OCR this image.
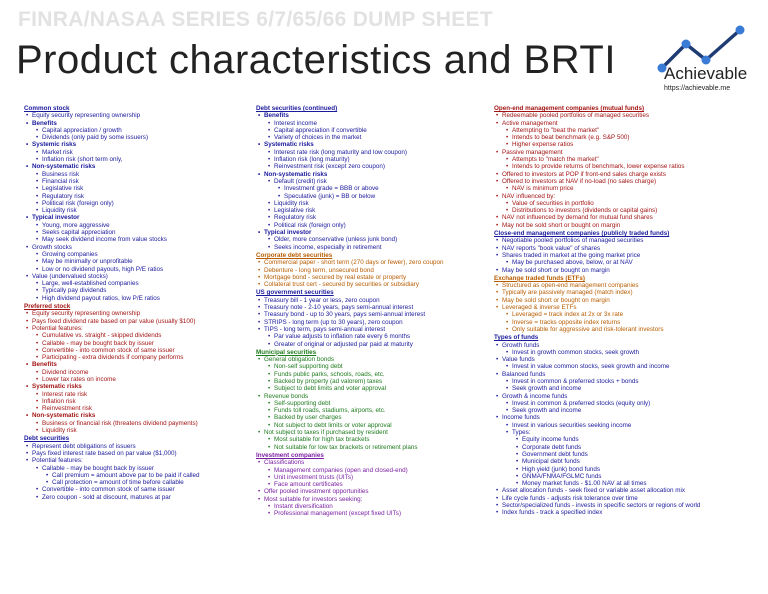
FINRA/NASAA SERIES 6/7/65/66 DUMP SHEET
Product characteristics and BRTI	Achievable
https://achievable.me
Common stock
• Equity security representing ownership
• Benefits
• Capital appreciation / growth
• Dividends (only paid by some issuers)
• Systemic risks
• Market risk
• Inflation risk (short term only,
• Non-systematic risks
• Business risk
• Financial risk
• Legislative risk
• Regulatory risk
• Political risk (foreign only)
• Liquidity risk
• Typical investor
• Young, more aggressive
• Seeks capital appreciation
• May seek dividend income from value stocks
• Growth stocks
• Growing companies
• May be minimally or unprofitable
• Low or no dividend payouts, high P/E ratios
• Value (undervalued stocks)
• Large, well-established companies
• Typically pay dividends
• High dividend payout ratios, low P/E ratios
Preferred stock
• Equity security representing ownership
• Pays fixed dividend rate based on par value (usually $100)
• Potential features:
• Cumulative vs. straight - skipped dividends
• Callable - may be bought back by issuer
• Convertible - into common stock of same issuer
• Participating - extra dividends if company performs
• Benefits
• Dividend income
• Lower tax rates on income
• Systematic risks
• Interest rate risk
• Inflation risk
• Reinvestment risk
• Non-systematic risks
• Business or financial risk (threatens dividend payments)
• Liquidity risk
Debt securities
• Represent debt obligations of issuers
• Pays fixed interest rate based on par value ($1,000)
• Potential features:
• Callable - may be bought back by issuer
• Call premium = amount above par to be paid if called
• Call protection = amount of time before callable
• Convertible - into common stock of same issuer
• Zero coupon - sold at discount, matures at par
Debt securities (continued)
• Benefits
• Interest income
• Capital appreciation if convertible
• Variety of choices in the market
• Systematic risks
• Interest rate risk (long maturity and low coupon)
• Inflation risk (long maturity)
• Reinvestment risk (except zero coupon)
• Non-systematic risks
• Default (credit) risk
• Investment grade = BBB or above
• Speculative (junk) = BB or below
• Liquidity risk
• Legislative risk
• Regulatory risk
• Political risk (foreign only)
• Typical investor
• Older, more conservative (unless junk bond)
• Seeks income, especially in retirement
Corporate debt securities
• Commercial paper - short term (270 days or fewer), zero coupon
• Debenture - long term, unsecured bond
• Mortgage bond - secured by real estate or property
• Collateral trust cert - secured by securities or subsidiary
US government securities
• Treasury bill - 1 year or less, zero coupon
• Treasury note - 2-10 years, pays semi-annual interest
• Treasury bond - up to 30 years, pays semi-annual interest
• STRIPS - long term (up to 30 years), zero coupon
• TIPS - long term, pays semi-annual interest
• Par value adjusts to inflation rate every 6 months
• Greater of original or adjusted par paid at maturity
Municipal securities
• General obligation bonds
• Non-self supporting debt
• Funds public parks, schools, roads, etc.
• Backed by property (ad valorem) taxes
• Subject to debt limits and voter approval
• Revenue bonds
• Self-supporting debt
• Funds toll roads, stadiums, airports, etc.
• Backed by user charges
• Not subject to debt limits or voter approval
• Not subject to taxes if purchased by resident
• Most suitable for high tax brackets
• Not suitable for low tax brackets or retirement plans
Investment companies
• Classifications
• Management companies (open and closed-end)
• Unit investment trusts (UITs)
• Face amount certificates
• Offer pooled investment opportunities
• Most suitable for investors seeking:
• Instant diversification
• Professional management (except fixed UITs)
Open-end management companies (mutual funds)
• Redeemable pooled portfolios of managed securities
• Active management
• Attempting to "beat the market"
• Intends to beat benchmark (e.g. S&P 500)
• Higher expense ratios
• Passive management
• Attempts to "match the market"
• Intends to provide returns of benchmark, lower expense ratios
• Offered to investors at POP if front-end sales charge exists
• Offered to investors at NAV if no-load (no sales charge)
• NAV is minimum price
• NAV influenced by:
• Value of securities in portfolio
• Distributions to investors (dividends or capital gains)
• NAV not influenced by demand for mutual fund shares
• May not be sold short or bought on margin
Close-end management companies (publicly traded funds)
• Negotiable pooled portfolios of managed securities
• NAV reports "book value" of shares
• Shares traded in market at the going market price
• May be purchased above, below, or at NAV
• May be sold short or bought on margin
Exchange traded funds (ETFs)
• Structured as open-end management companies
• Typically are passively managed (match index)
• May be sold short or bought on margin
• Leveraged & inverse ETFs
• Leveraged = track index at 2x or 3x rate
• Inverse = tracks opposite index returns
• Only suitable for aggressive and risk-tolerant investors
Types of funds
• Growth funds
• Invest in growth common stocks, seek growth
• Value funds
• Invest in value common stocks, seek growth and income
• Balanced funds
• Invest in common & preferred stocks + bonds
• Seek growth and income
• Growth & income funds
• Invest in common & preferred stocks (equity only)
• Seek growth and income
• Income funds
• Invest in various securities seeking income
• Types:
• Equity income funds
• Corporate debt funds
• Government debt funds
• Municipal debt funds
• High yield (junk) bond funds
• GNMA/FNMA/FGLMC funds
• Money market funds - $1.00 NAV at all times
• Asset allocation funds - seek fixed or variable asset allocation mix
• Life cycle funds - adjusts risk tolerance over time
• Sector/specialized funds - invests in specific sectors or regions of world
• Index funds - track a specified index
